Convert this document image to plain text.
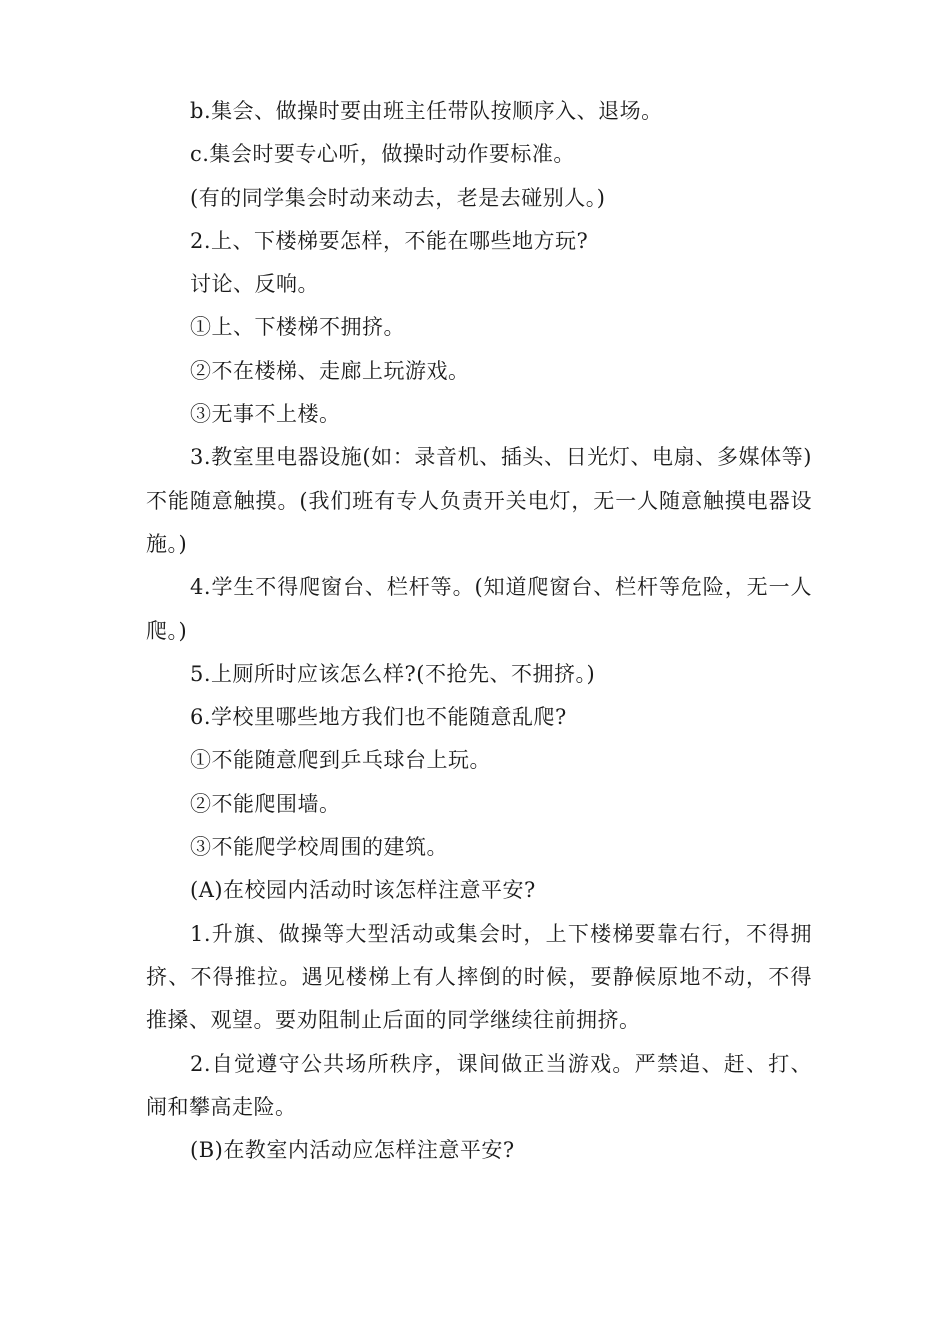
b.集会、做操时要由班主任带队按顺序入、退场。

c.集会时要专心听，做操时动作要标准。

(有的同学集会时动来动去，老是去碰别人。)

2.上、下楼梯要怎样，不能在哪些地方玩?

讨论、反响。

①上、下楼梯不拥挤。

②不在楼梯、走廊上玩游戏。

③无事不上楼。

3.教室里电器设施(如：录音机、插头、日光灯、电扇、多媒体等)不能随意触摸。(我们班有专人负责开关电灯，无一人随意触摸电器设施。)

4.学生不得爬窗台、栏杆等。(知道爬窗台、栏杆等危险，无一人爬。)

5.上厕所时应该怎么样?(不抢先、不拥挤。)

6.学校里哪些地方我们也不能随意乱爬?

①不能随意爬到乒乓球台上玩。

②不能爬围墙。

③不能爬学校周围的建筑。

(A)在校园内活动时该怎样注意平安?

1.升旗、做操等大型活动或集会时，上下楼梯要靠右行，不得拥挤、不得推拉。遇见楼梯上有人摔倒的时候，要静候原地不动，不得推搡、观望。要劝阻制止后面的同学继续往前拥挤。

2.自觉遵守公共场所秩序，课间做正当游戏。严禁追、赶、打、闹和攀高走险。

(B)在教室内活动应怎样注意平安?
